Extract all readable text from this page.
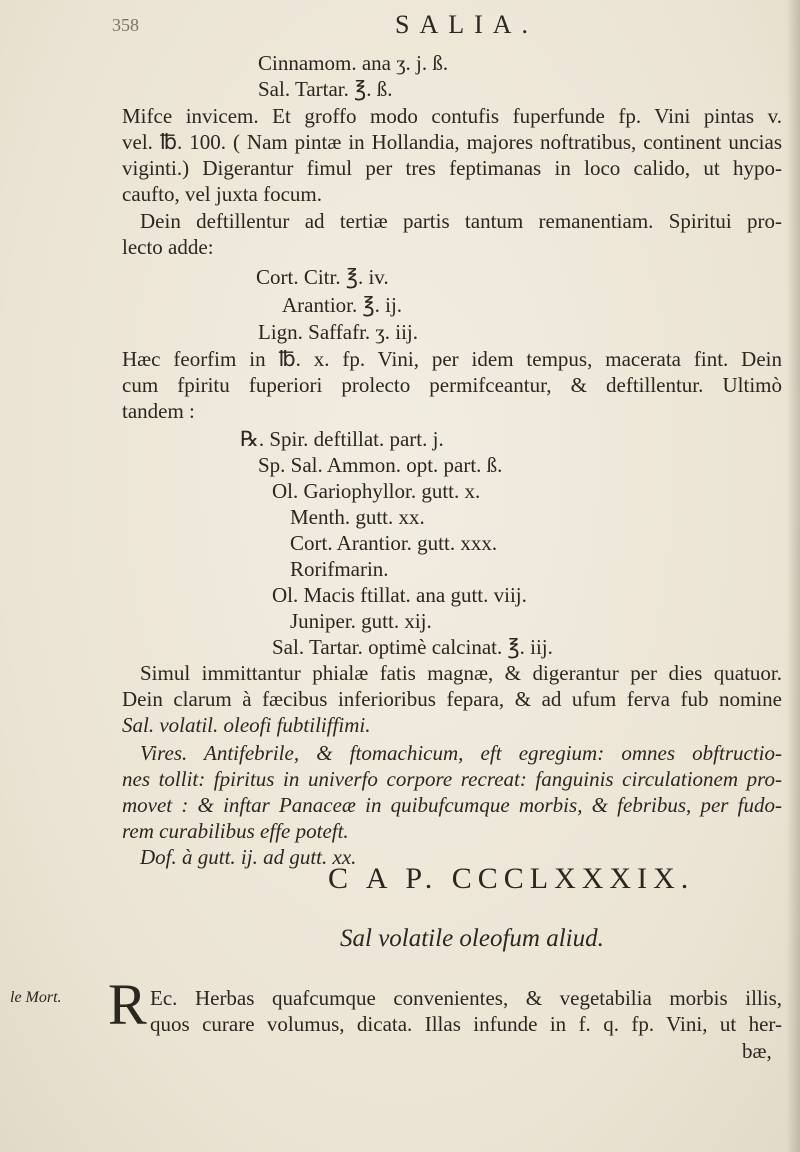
358	SALIA.
Cinnamom. ana ʒ. j. ß.
Sal. Tartar. ℥. ß.
Mifce invicem. Et groffo modo contufis fuperfunde fp. Vini pintas v.
vel. ℔. 100. ( Nam pintæ in Hollandia, majores noftratibus, continent uncias
viginti.) Digerantur fimul per tres feptimanas in loco calido, ut hypo-
caufto, vel juxta focum.
Dein deftillentur ad tertiæ partis tantum remanentiam. Spiritui pro-
lecto adde:
Cort. Citr. ℥. iv.
Arantior. ℥. ij.
Lign. Saffafr. ʒ. iij.
Hæc feorfim in ℔. x. fp. Vini, per idem tempus, macerata fint. Dein
cum fpiritu fuperiori prolecto permifceantur, & deftillentur. Ultimò
tandem :
℞. Spir. deftillat. part. j.
Sp. Sal. Ammon. opt. part. ß.
Ol. Gariophyllor. gutt. x.
Menth. gutt. xx.
Cort. Arantior. gutt. xxx.
Rorifmarin.
Ol. Macis ftillat. ana gutt. viij.
Juniper. gutt. xij.
Sal. Tartar. optimè calcinat. ℥. iij.
Simul immittantur phialæ fatis magnæ, & digerantur per dies quatuor.
Dein clarum à fæcibus inferioribus fepara, & ad ufum ferva fub nomine
Sal. volatil. oleofi fubtiliffimi.
Vires. Antifebrile, & ftomachicum, eft egregium: omnes obftructio-
nes tollit: fpiritus in univerfo corpore recreat: fanguinis circulationem pro-
movet : & inftar Panaceæ in quibufcumque morbis, & febribus, per fudo-
rem curabilibus effe poteft.
Dof. à gutt. ij. ad gutt. xx.
C A P. CCCLXXXIX.
Sal volatile oleofum aliud.
le Mort. R Ec. Herbas quafcumque convenientes, & vegetabilia morbis illis,
quos curare volumus, dicata. Illas infunde in f. q. fp. Vini, ut her-
bæ,
